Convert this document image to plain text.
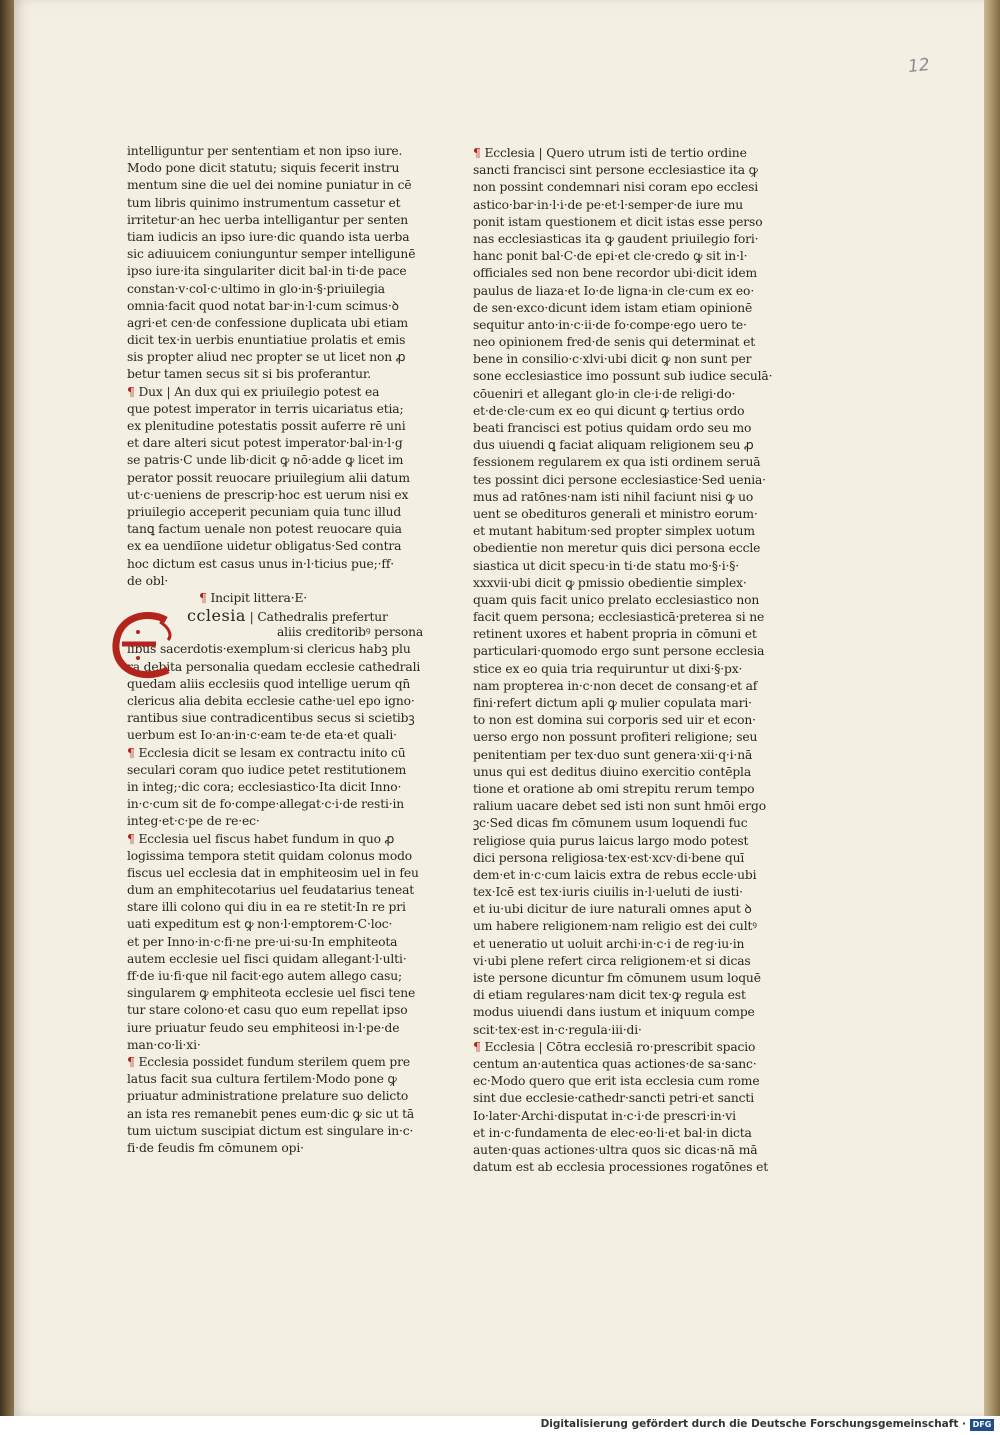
12
intelliguntur per sententiam et non ipso iure.
Modo pone dicit statutu; siquis fecerit instru
mentum sine die uel dei nomine puniatur in cē
tum libris quinimo instrumentum cassetur et
irritetur·an hec uerba intelligantur per senten
tiam iudicis an ipso iure·dic quando ista uerba
sic adiuuicem coniunguntur semper intelligunē
ipso iure·ita singulariter dicit bal·in ti·de pace
constan·v·col·c·ultimo in glo·in·§·priuilegia
omnia·facit quod notat bar·in·l·cum scimus·ꝺ
agri·et cen·de confessione duplicata ubi etiam
dicit tex·in uerbis enuntiatiue prolatis et emis
sis propter aliud nec propter se ut licet non ꝓ
betur tamen secus sit si bis proferantur.
¶ Dux | An dux qui ex priuilegio potest ea
que potest imperator in terris uicariatus etia;
ex plenitudine potestatis possit auferre rē uni
et dare alteri sicut potest imperator·bal·in·l·g
se patris·C unde lib·dicit ꝙ nō·adde ꝙ licet im
perator possit reuocare priuilegium alii datum
ut·c·ueniens de prescrip·hoc est uerum nisi ex
priuilegio acceperit pecuniam quia tunc illud
tanꝗ factum uenale non potest reuocare quia
ex ea uendiīone uidetur obligatus·Sed contra
hoc dictum est casus unus in·l·ticius pue;·ff·
de obl·
¶ Incipit littera·E·
cclesia | Cathedralis prefertur
aliis creditoribꝰ persona
libus sacerdotis·exemplum·si clericus habꝫ plu
ra debita personalia quedam ecclesie cathedrali
quedam aliis ecclesiis quod intellige uerum qn̄
clericus alia debita ecclesie cathe·uel epo igno·
rantibus siue contradicentibus secus si scietibꝫ
uerbum est Io·an·in·c·eam te·de eta·et quali·
¶ Ecclesia dicit se lesam ex contractu inito cū
seculari coram quo iudice petet restitutionem
in integ;·dic cora; ecclesiastico·Ita dicit Inno·
in·c·cum sit de fo·compe·allegat·c·i·de resti·in
integ·et·c·pe de re·ec·
¶ Ecclesia uel fiscus habet fundum in quo ꝓ
logissima tempora stetit quidam colonus modo
fiscus uel ecclesia dat in emphiteosim uel in feu
dum an emphitecotarius uel feudatarius teneat
stare illi colono qui diu in ea re stetit·In re pri
uati expeditum est ꝙ non·l·emptorem·C·loc·
et per Inno·in·c·fi·ne pre·ui·su·In emphiteota
autem ecclesie uel fisci quidam allegant·l·ulti·
ff·de iu·fi·que nil facit·ego autem allego casu;
singularem ꝙ emphiteota ecclesie uel fisci tene
tur stare colono·et casu quo eum repellat ipso
iure priuatur feudo seu emphiteosi in·l·pe·de
man·co·li·xi·
¶ Ecclesia possidet fundum sterilem quem pre
latus facit sua cultura fertilem·Modo pone ꝙ
priuatur administratione prelature suo delicto
an ista res remanebit penes eum·dic ꝙ sic ut tā
tum uictum suscipiat dictum est singulare in·c·
fi·de feudis fm cōmunem opi·
¶ Ecclesia | Quero utrum isti de tertio ordine
sancti francisci sint persone ecclesiastice ita ꝙ
non possint condemnari nisi coram epo ecclesi
astico·bar·in·l·i·de pe·et·l·semper·de iure mu
ponit istam questionem et dicit istas esse perso
nas ecclesiasticas ita ꝙ gaudent priuilegio fori·
hanc ponit bal·C·de epi·et cle·credo ꝙ sit in·l·
officiales sed non bene recordor ubi·dicit idem
paulus de liaza·et Io·de ligna·in cle·cum ex eo·
de sen·exco·dicunt idem istam etiam opinionē
sequitur anto·in·c·ii·de fo·compe·ego uero te·
neo opinionem fred·de senis qui determinat et
bene in consilio·c·xlvi·ubi dicit ꝙ non sunt per
sone ecclesiastice imo possunt sub iudice seculā·
cōueniri et allegant glo·in cle·i·de religi·do·
et·de·cle·cum ex eo qui dicunt ꝙ tertius ordo
beati francisci est potius quidam ordo seu mo
dus uiuendi ꝗ faciat aliquam religionem seu ꝓ
fessionem regularem ex qua isti ordinem seruā
tes possint dici persone ecclesiastice·Sed uenia·
mus ad ratōnes·nam isti nihil faciunt nisi ꝙ uo
uent se obedituros generali et ministro eorum·
et mutant habitum·sed propter simplex uotum
obedientie non meretur quis dici persona eccle
siastica ut dicit specu·in ti·de statu mo·§·i·§·
xxxvii·ubi dicit ꝙ pmissio obedientie simplex·
quam quis facit unico prelato ecclesiastico non
facit quem persona; ecclesiasticā·preterea si ne
retinent uxores et habent propria in cōmuni et
particulari·quomodo ergo sunt persone ecclesia
stice ex eo quia tria requiruntur ut dixi·§·px·
nam propterea in·c·non decet de consang·et af
fini·refert dictum apli ꝙ mulier copulata mari·
to non est domina sui corporis sed uir et econ·
uerso ergo non possunt profiteri religione; seu
penitentiam per tex·duo sunt genera·xii·q·i·nā
unus qui est deditus diuino exercitio contēpla
tione et oratione ab omi strepitu rerum tempo
ralium uacare debet sed isti non sunt hmōi ergo
ꝫc·Sed dicas fm cōmunem usum loquendi fuc
religiose quia purus laicus largo modo potest
dici persona religiosa·tex·est·xcv·di·bene quī
dem·et in·c·cum laicis extra de rebus eccle·ubi
tex·Icē est tex·iuris ciuilis in·l·ueluti de iusti·
et iu·ubi dicitur de iure naturali omnes aput ꝺ
um habere religionem·nam religio est dei cultꝰ
et ueneratio ut uoluit archi·in·c·i de reg·iu·in
vi·ubi plene refert circa religionem·et si dicas
iste persone dicuntur fm cōmunem usum loquē
di etiam regulares·nam dicit tex·ꝙ regula est
modus uiuendi dans iustum et iniquum compe
scit·tex·est in·c·regula·iii·di·
¶ Ecclesia | Cōtra ecclesiā ro·prescribit spacio
centum an·autentica quas actiones·de sa·sanc·
ec·Modo quero que erit ista ecclesia cum rome
sint due ecclesie·cathedr·sancti petri·et sancti
Io·later·Archi·disputat in·c·i·de prescri·in·vi
et in·c·fundamenta de elec·eo·li·et bal·in dicta
auten·quas actiones·ultra quos sic dicas·nā mā
datum est ab ecclesia processiones rogatōnes et
Digitalisierung gefördert durch die Deutsche Forschungsgemeinschaft · DFG
